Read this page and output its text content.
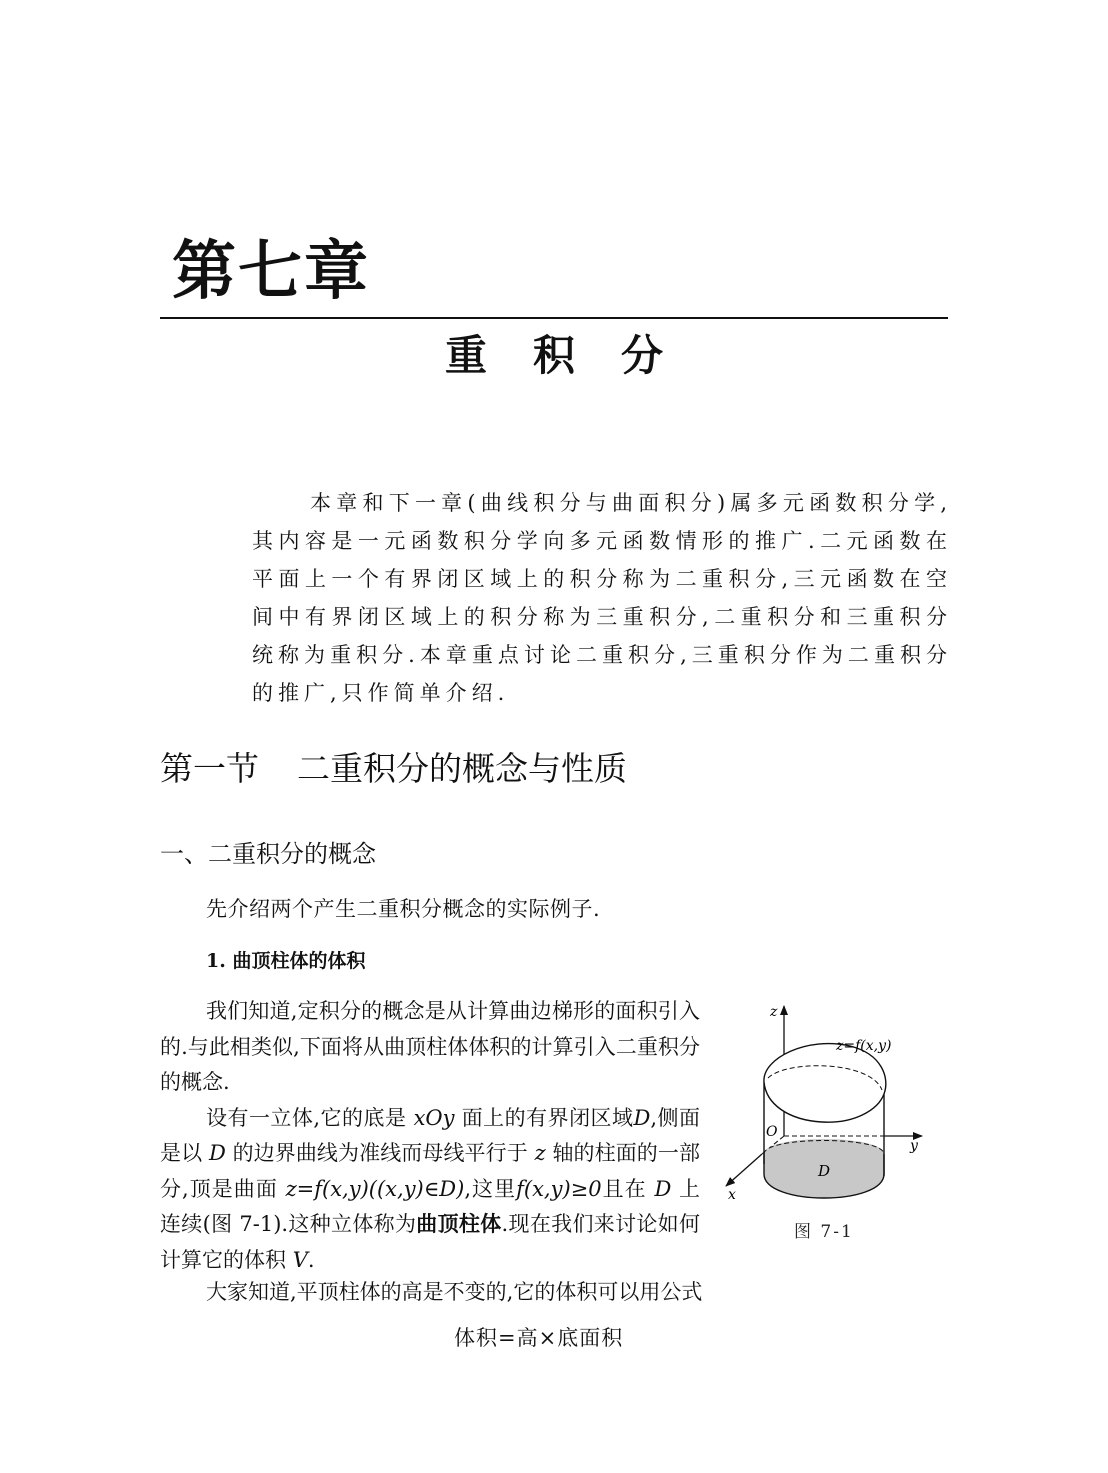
第七章
重积分
本章和下一章(曲线积分与曲面积分)属多元函数积分学,其内容是一元函数积分学向多元函数情形的推广.二元函数在平面上一个有界闭区域上的积分称为二重积分,三元函数在空间中有界闭区域上的积分称为三重积分,二重积分和三重积分统称为重积分.本章重点讨论二重积分,三重积分作为二重积分的推广,只作简单介绍.
第一节 二重积分的概念与性质
一、二重积分的概念
先介绍两个产生二重积分概念的实际例子.
1. 曲顶柱体的体积

我们知道,定积分的概念是从计算曲边梯形的面积引入的.与此相类似,下面将从曲顶柱体体积的计算引入二重积分的概念.

设有一立体,它的底是 xOy 面上的有界闭区域D,侧面是以 D 的边界曲线为准线而母线平行于 z 轴的柱面的一部分,顶是曲面 z=f(x,y)((x,y)∈D),这里f(x,y)≥0且在 D 上连续(图 7-1).这种立体称为曲顶柱体.现在我们来讨论如何计算它的体积 V.

大家知道,平顶柱体的高是不变的,它的体积可以用公式
体积=高×底面积
z
z=f(x,y)
O
y
x
D
图 7-1
